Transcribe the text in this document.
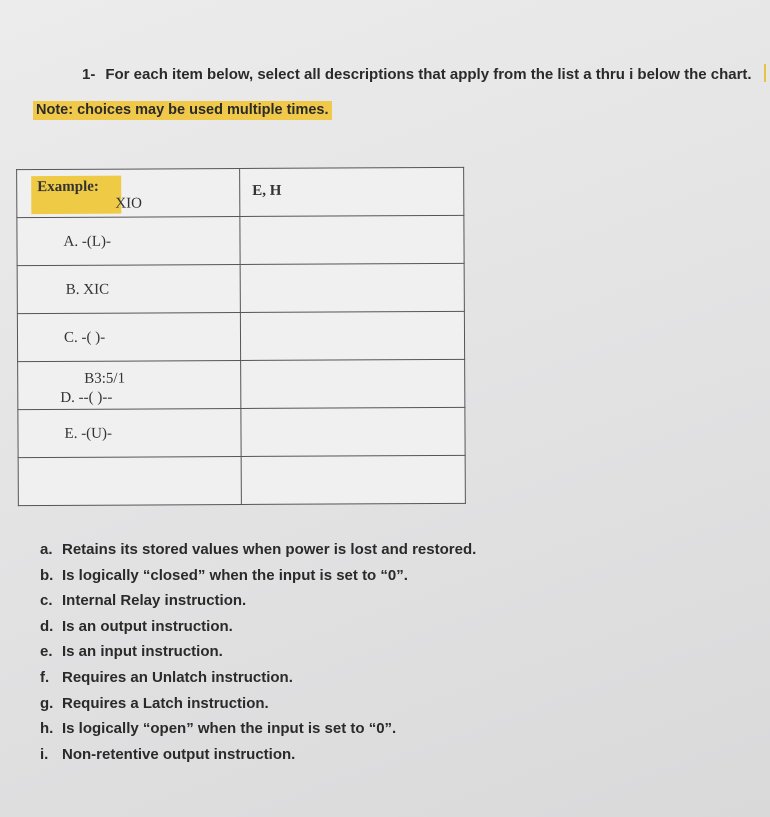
1- For each item below, select all descriptions that apply from the list a thru i below the chart.
Note: choices may be used multiple times.
Example:
XIO	E, H

A. -(L)-	

B. XIC	

C. -( )-	

B3:5/1
D. --( )--	

E. -(U)-	

a. Retains its stored values when power is lost and restored.
b. Is logically “closed” when the input is set to “0”.
c. Internal Relay instruction.
d. Is an output instruction.
e. Is an input instruction.
f. Requires an Unlatch instruction.
g. Requires a Latch instruction.
h. Is logically “open” when the input is set to “0”.
i. Non-retentive output instruction.
